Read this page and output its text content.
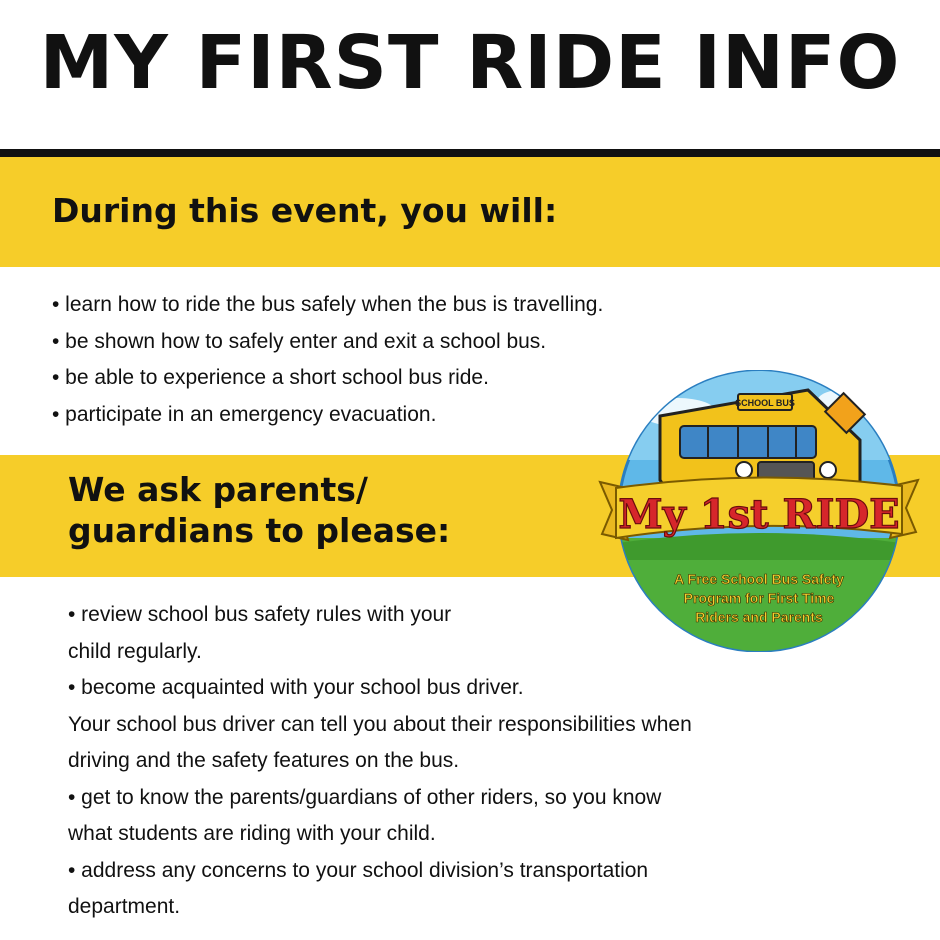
MY FIRST RIDE INFO
During this event, you will:
• learn how to ride the bus safely when the bus is travelling.
• be shown how to safely enter and exit a school bus.
• be able to experience a short school bus ride.
• participate in an emergency evacuation.
We ask parents/
guardians to please:
• review school bus safety rules with your
child regularly.
• become acquainted with your school bus driver.
Your school bus driver can tell you about their responsibilities when
driving and the safety features on the bus.
• get to know the parents/guardians of other riders, so you know
what students are riding with your child.
• address any concerns to your school division’s transportation
department.
SCHOOL BUS
My 1st RIDE
A Free School Bus Safety
Program for First Time
Riders and Parents
